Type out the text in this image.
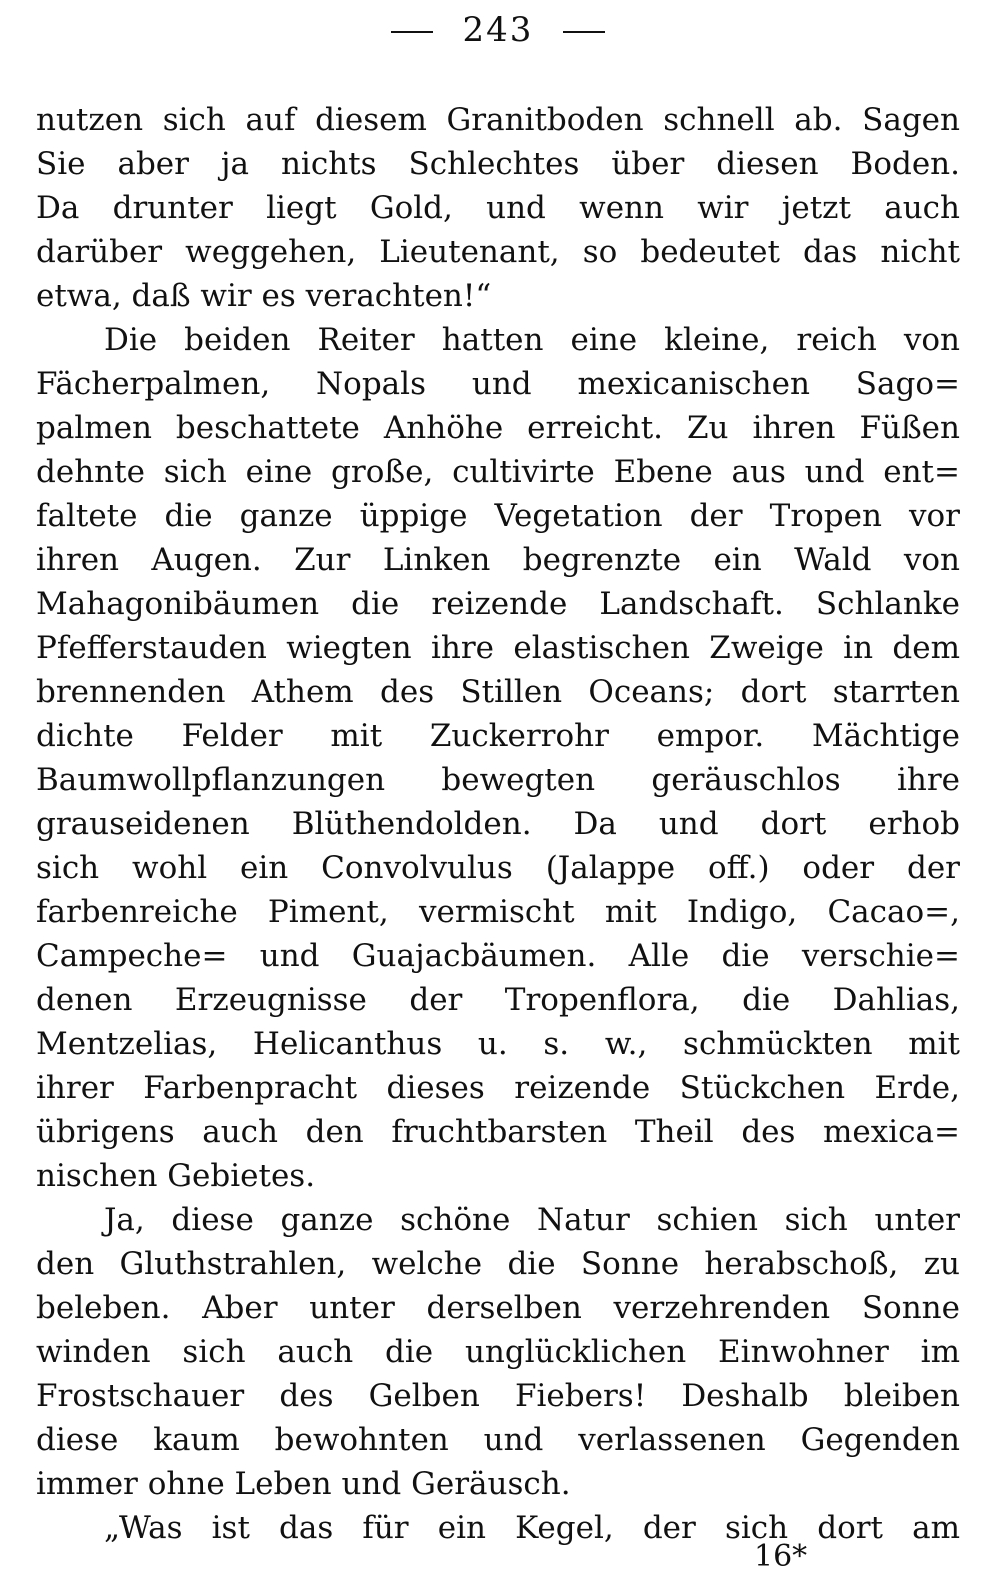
243
nutzen sich auf diesem Granitboden schnell ab. Sagen
Sie aber ja nichts Schlechtes über diesen Boden.
Da drunter liegt Gold, und wenn wir jetzt auch
darüber weggehen, Lieutenant, so bedeutet das nicht
etwa, daß wir es verachten!“
Die beiden Reiter hatten eine kleine, reich von
Fächerpalmen, Nopals und mexicanischen Sago=
palmen beschattete Anhöhe erreicht. Zu ihren Füßen
dehnte sich eine große, cultivirte Ebene aus und ent=
faltete die ganze üppige Vegetation der Tropen vor
ihren Augen. Zur Linken begrenzte ein Wald von
Mahagonibäumen die reizende Landschaft. Schlanke
Pfefferstauden wiegten ihre elastischen Zweige in dem
brennenden Athem des Stillen Oceans; dort starrten
dichte Felder mit Zuckerrohr empor. Mächtige
Baumwollpflanzungen bewegten geräuschlos ihre
grauseidenen Blüthendolden. Da und dort erhob
sich wohl ein Convolvulus (Jalappe off.) oder der
farbenreiche Piment, vermischt mit Indigo, Cacao=,
Campeche= und Guajacbäumen. Alle die verschie=
denen Erzeugnisse der Tropenflora, die Dahlias,
Mentzelias, Helicanthus u. s. w., schmückten mit
ihrer Farbenpracht dieses reizende Stückchen Erde,
übrigens auch den fruchtbarsten Theil des mexica=
nischen Gebietes.
Ja, diese ganze schöne Natur schien sich unter
den Gluthstrahlen, welche die Sonne herabschoß, zu
beleben. Aber unter derselben verzehrenden Sonne
winden sich auch die unglücklichen Einwohner im
Frostschauer des Gelben Fiebers! Deshalb bleiben
diese kaum bewohnten und verlassenen Gegenden
immer ohne Leben und Geräusch.
„Was ist das für ein Kegel, der sich dort am
16*
